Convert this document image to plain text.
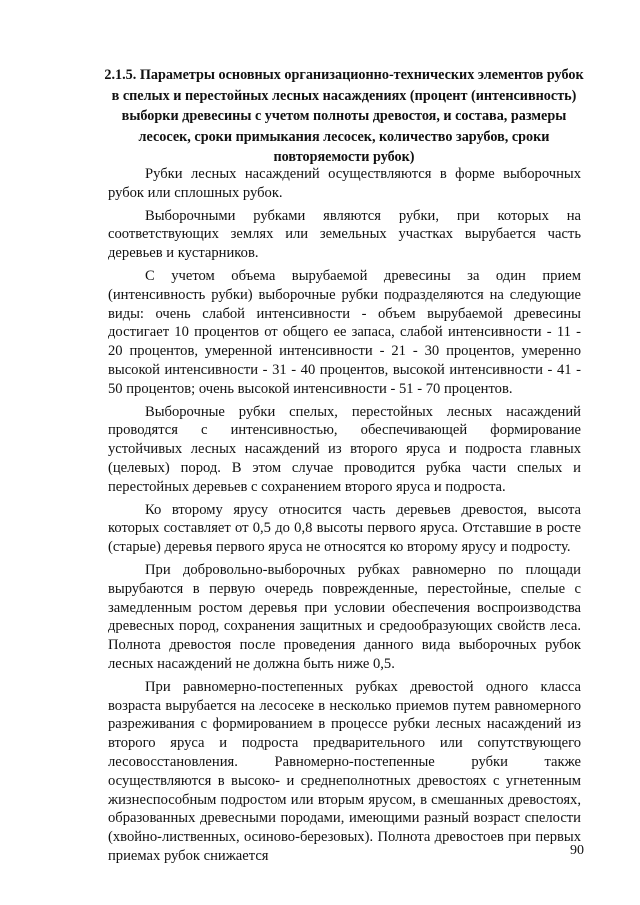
2.1.5. Параметры основных организационно-технических элементов рубок в спелых и перестойных лесных насаждениях (процент (интенсивность) выборки древесины с учетом полноты древостоя, и состава, размеры лесосек, сроки примыкания лесосек, количество зарубов, сроки повторяемости рубок)

Рубки лесных насаждений осуществляются в форме выборочных рубок или сплошных рубок.

Выборочными рубками являются рубки, при которых на соответствующих землях или земельных участках вырубается часть деревьев и кустарников.

С учетом объема вырубаемой древесины за один прием (интенсивность рубки) выборочные рубки подразделяются на следующие виды: очень слабой интенсивности - объем вырубаемой древесины достигает 10 процентов от общего ее запаса, слабой интенсивности - 11 - 20 процентов, умеренной интенсивности - 21 - 30 процентов, умеренно высокой интенсивности - 31 - 40 процентов, высокой интенсивности - 41 - 50 процентов; очень высокой интенсивности - 51 - 70 процентов.

Выборочные рубки спелых, перестойных лесных насаждений проводятся с интенсивностью, обеспечивающей формирование устойчивых лесных насаждений из второго яруса и подроста главных (целевых) пород. В этом случае проводится рубка части спелых и перестойных деревьев с сохранением второго яруса и подроста.

Ко второму ярусу относится часть деревьев древостоя, высота которых составляет от 0,5 до 0,8 высоты первого яруса. Отставшие в росте (старые) деревья первого яруса не относятся ко второму ярусу и подросту.

При добровольно-выборочных рубках равномерно по площади вырубаются в первую очередь поврежденные, перестойные, спелые с замедленным ростом деревья при условии обеспечения воспроизводства древесных пород, сохранения защитных и средообразующих свойств леса. Полнота древостоя после проведения данного вида выборочных рубок лесных насаждений не должна быть ниже 0,5.

При равномерно-постепенных рубках древостой одного класса возраста вырубается на лесосеке в несколько приемов путем равномерного разреживания с формированием в процессе рубки лесных насаждений из второго яруса и подроста предварительного или сопутствующего лесовосстановления. Равномерно-постепенные рубки также осуществляются в высоко- и среднеполнотных древостоях с угнетенным жизнеспособным подростом или вторым ярусом, в смешанных древостоях, образованных древесными породами, имеющими разный возраст спелости (хвойно-лиственных, осиново-березовых). Полнота древостоев при первых приемах рубок снижается	90
